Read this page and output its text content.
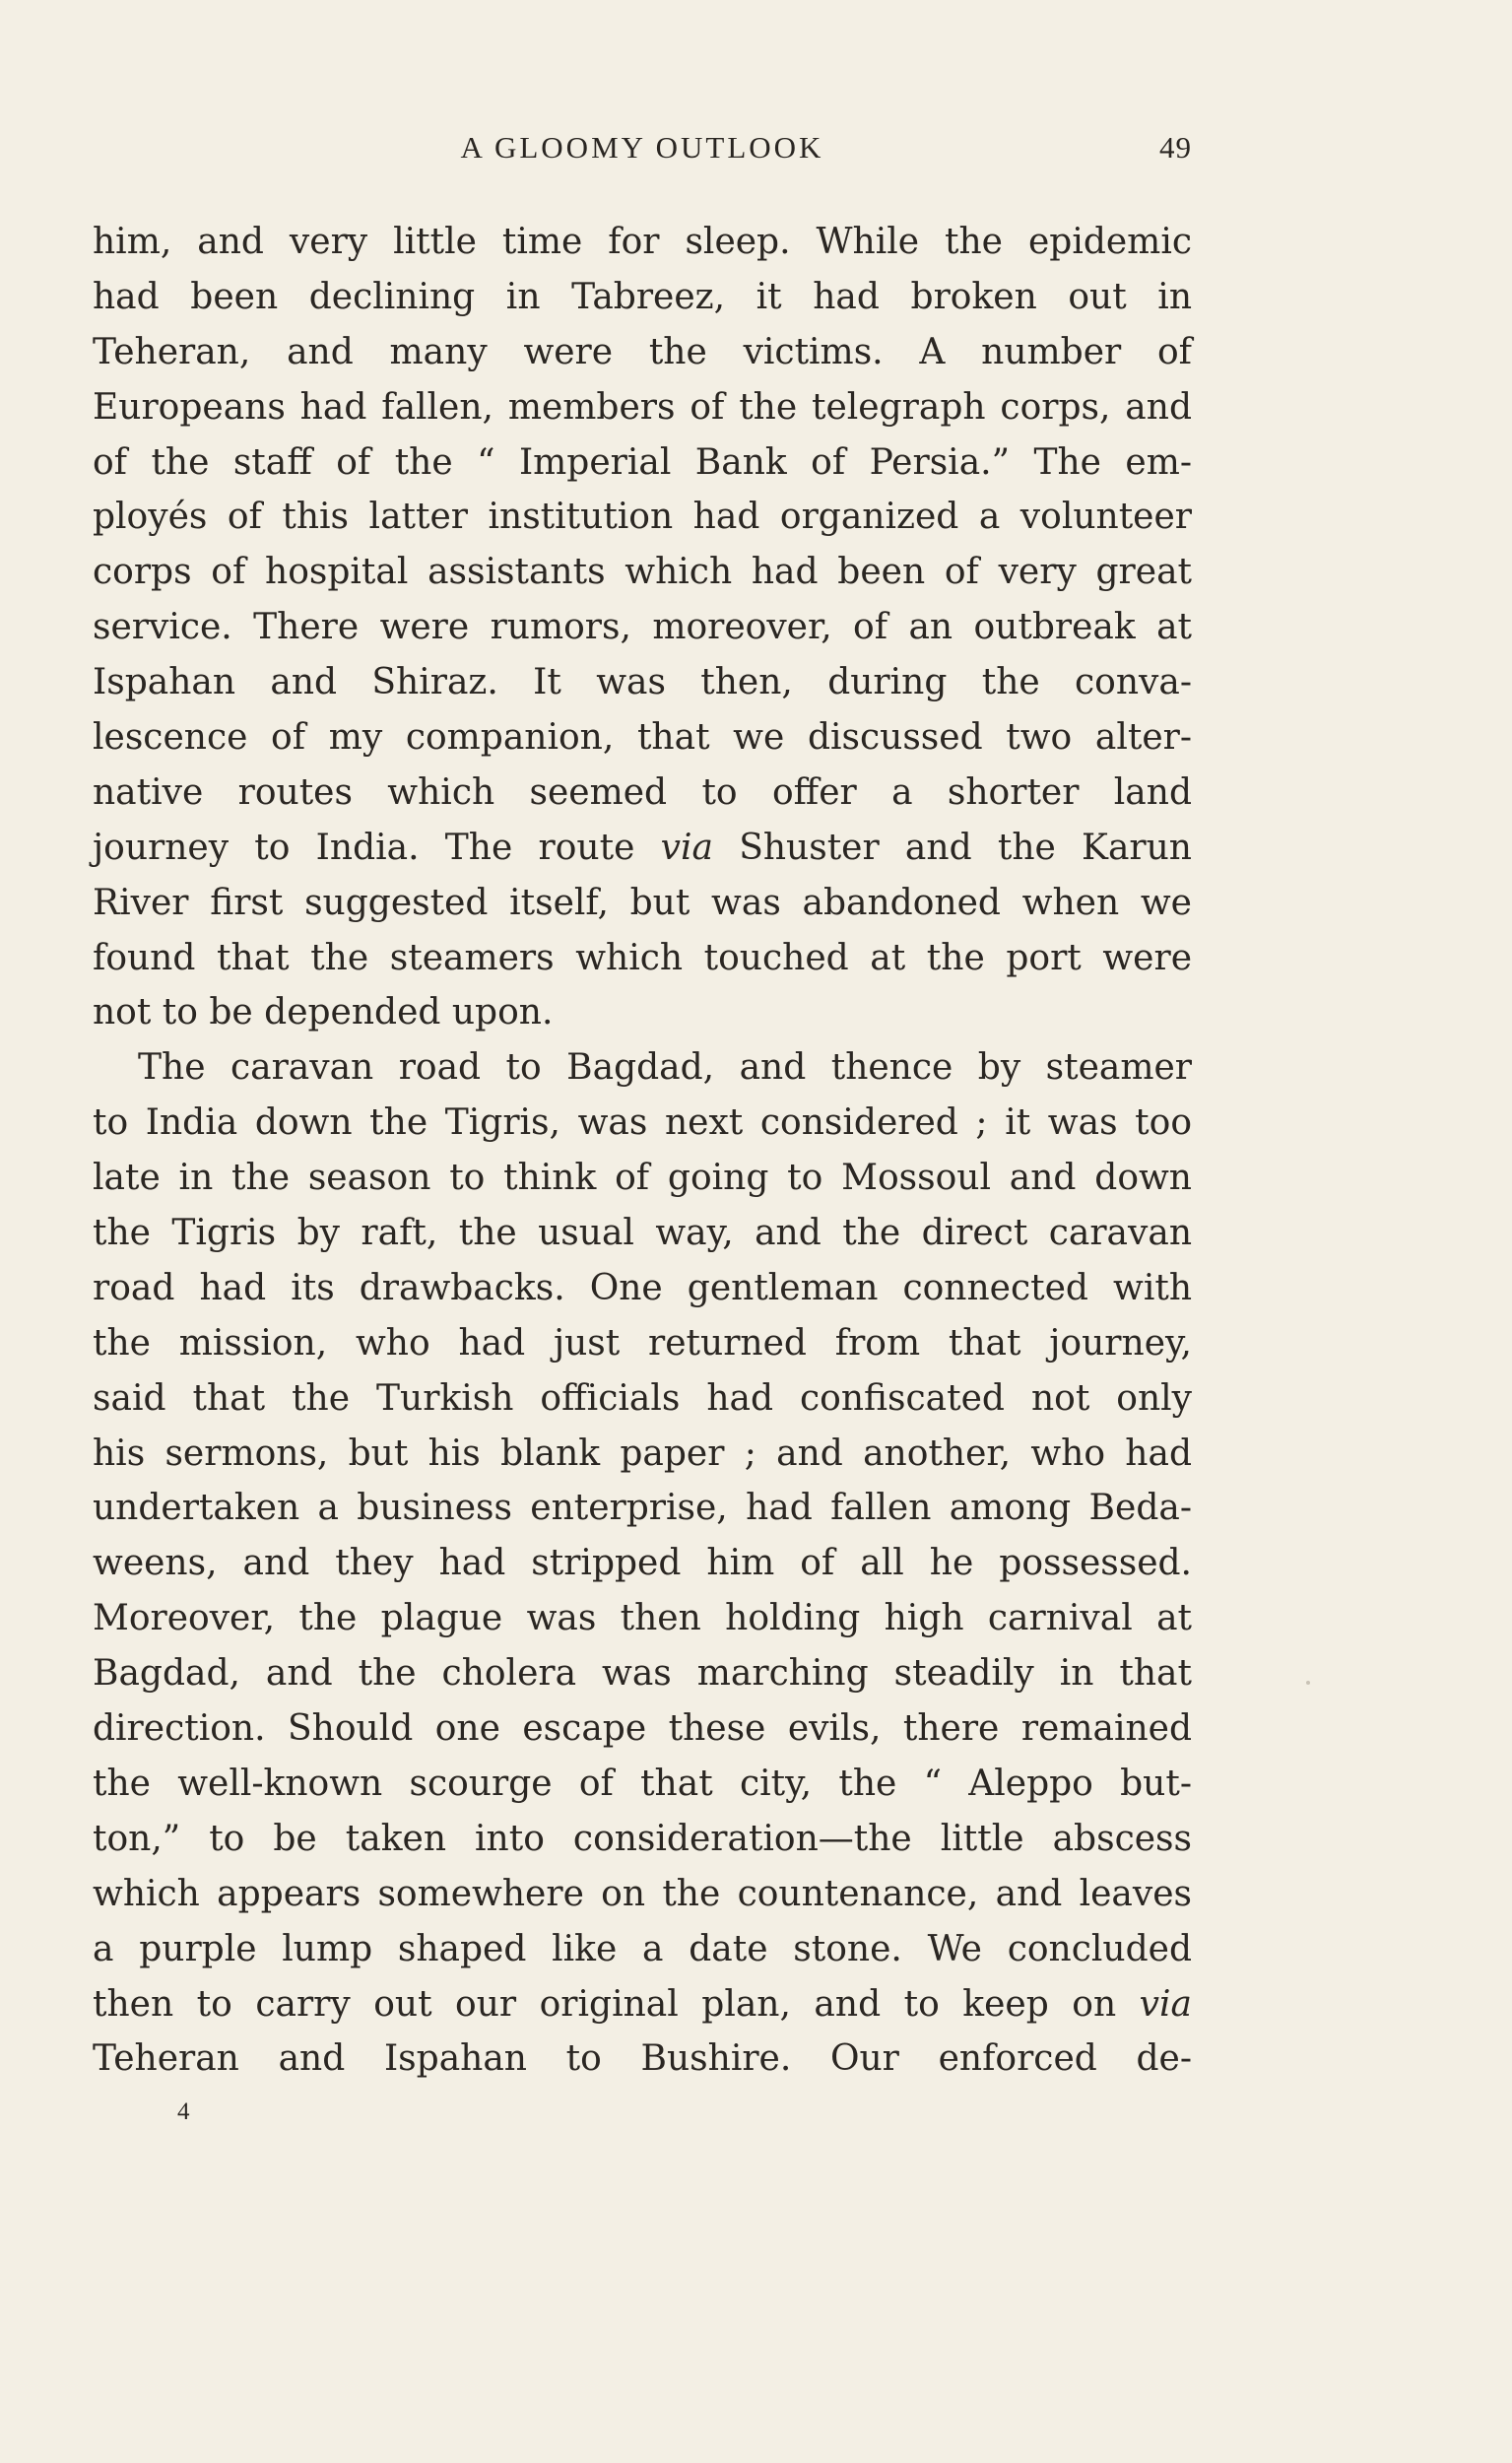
A GLOOMY OUTLOOK	49
him, and very little time for sleep. While the epidemic
had been declining in Tabreez, it had broken out in
Teheran, and many were the victims. A number of
Europeans had fallen, members of the telegraph corps, and
of the staff of the “ Imperial Bank of Persia.” The em-
ployés of this latter institution had organized a volunteer
corps of hospital assistants which had been of very great
service. There were rumors, moreover, of an outbreak at
Ispahan and Shiraz. It was then, during the conva-
lescence of my companion, that we discussed two alter-
native routes which seemed to offer a shorter land
journey to India. The route via Shuster and the Karun
River first suggested itself, but was abandoned when we
found that the steamers which touched at the port were
not to be depended upon.
The caravan road to Bagdad, and thence by steamer
to India down the Tigris, was next considered ; it was too
late in the season to think of going to Mossoul and down
the Tigris by raft, the usual way, and the direct caravan
road had its drawbacks. One gentleman connected with
the mission, who had just returned from that journey,
said that the Turkish officials had confiscated not only
his sermons, but his blank paper ; and another, who had
undertaken a business enterprise, had fallen among Beda-
weens, and they had stripped him of all he possessed.
Moreover, the plague was then holding high carnival at
Bagdad, and the cholera was marching steadily in that
direction. Should one escape these evils, there remained
the well-known scourge of that city, the “ Aleppo but-
ton,” to be taken into consideration—the little abscess
which appears somewhere on the countenance, and leaves
a purple lump shaped like a date stone. We concluded
then to carry out our original plan, and to keep on via
Teheran and Ispahan to Bushire. Our enforced de-
4
